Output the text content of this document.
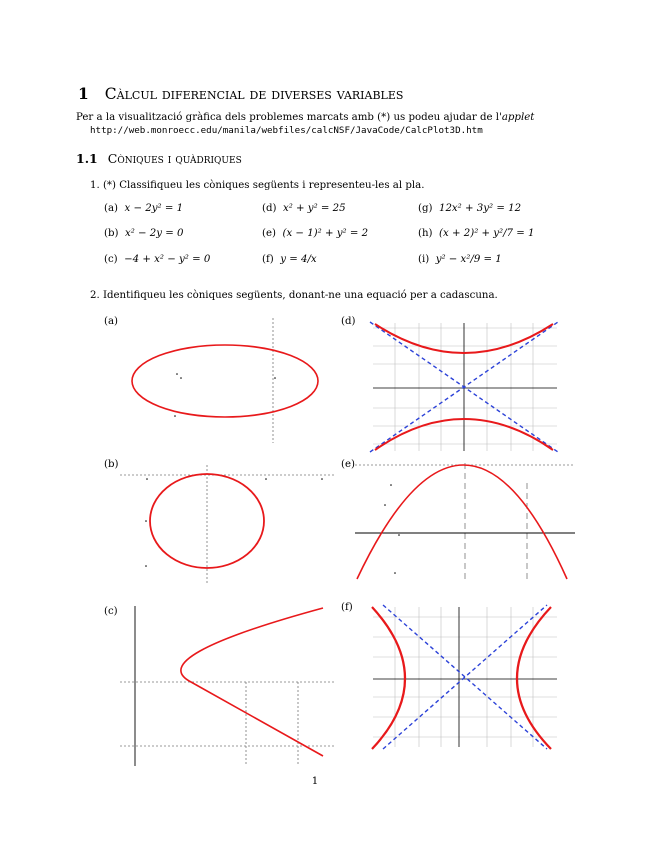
1 Càlcul diferencial de diverses variables
Per a la visualització gràfica dels problemes marcats amb (*) us podeu ajudar de l'applet
http://web.monroecc.edu/manila/webfiles/calcNSF/JavaCode/CalcPlot3D.htm
1.1 Còniques i quàdriques
1. (*) Classifiqueu les còniques següents i representeu-les al pla.
(a) x − 2y² = 1
(b) x² − 2y = 0
(c) −4 + x² − y² = 0
(d) x² + y² = 25
(e) (x − 1)² + y² = 2
(f) y = 4/x
(g) 12x² + 3y² = 12
(h) (x + 2)² + y²/7 = 1
(i) y² − x²/9 = 1
2. Identifiqueu les còniques següents, donant-ne una equació per a cadascuna.
(a)
(b)
(c)
(d)
(e)
(f)
1
